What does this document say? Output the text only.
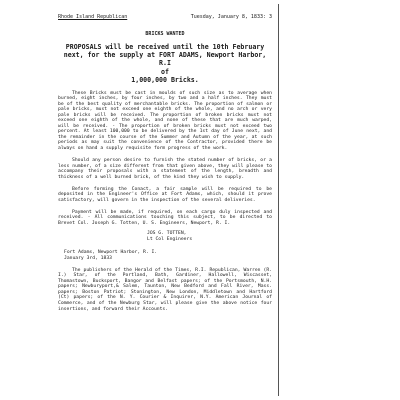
Rhode Island Republican	Tuesday, January 8, 1833: 3
BRICKS WANTED
PROPOSALS will be received until the 10th February
next, for the supply at FORT ADAMS, Newport Harbor, R.I
of
1,000,000 Bricks.
These Bricks must be cast in moulds of such size as to average when burned, eight inches, by four inches, by two and a half inches. They must be of the best quality of merchantable bricks. The proportion of salmon or pale bricks, must not exceed one eighth of the whole, and no arch or very pale bricks will be received. The proportion of broken bricks must not exceed one eighth of the whole, and none of these that are much warped, will be received. - The proportion of broken bricks must not exceed two percent. At least 100,000 to be delivered by the 1st day of June next, and the remainder in the course of the Summer and Autumn of the year, at such periods as may suit the convenience of the Contractor, provided there be always on hand a supply requisite form progress of the work.
Should any person desire to furnish the stated number of bricks, or a less number, of a size different from that given above, they will please to accompany their proposals with a statement of the length, breadth and thickness of a well burned brick, of the kind they wish to supply.
Before forming the Conact, a fair sample will be required to be deposited in the Engineer's Office at Fort Adams, which, should it prove satisfactory, will govern in the inspection of the several deliveries.
Payment will be made, if required, on each cargo duly inspected and received. - All communications touching this subject, to be directed to Brevet Col. Joseph G. Totten, U. S. Engineers, Newport, R. I.

JOS G. TOTTEN,

Lt Col Engineers

Fort Adams, Newport Harbor, R. I.

January 3rd, 1833

The publishers of the Herald of the Times, R.I. Republican, Warren (R. I.) Star, of the Portland, Bath, Gardiner, Hallowell, Wiscasset, Thomastown, Bucksport, Bangor and Belfast papers; of the Portsmouth, N.H. papers; Newburyport,& Salem, Taunton, New Bedford and Fall River, Mass. papers; Boston Patriot; Stonington, New London, Middletown and Hartford (Ct) papers; of the N. Y. Courier & Inquirer, N.Y. American Journal of Commerce, and of the Newburg Star, will please give the above notice four insertions, and forward their Accounts.
